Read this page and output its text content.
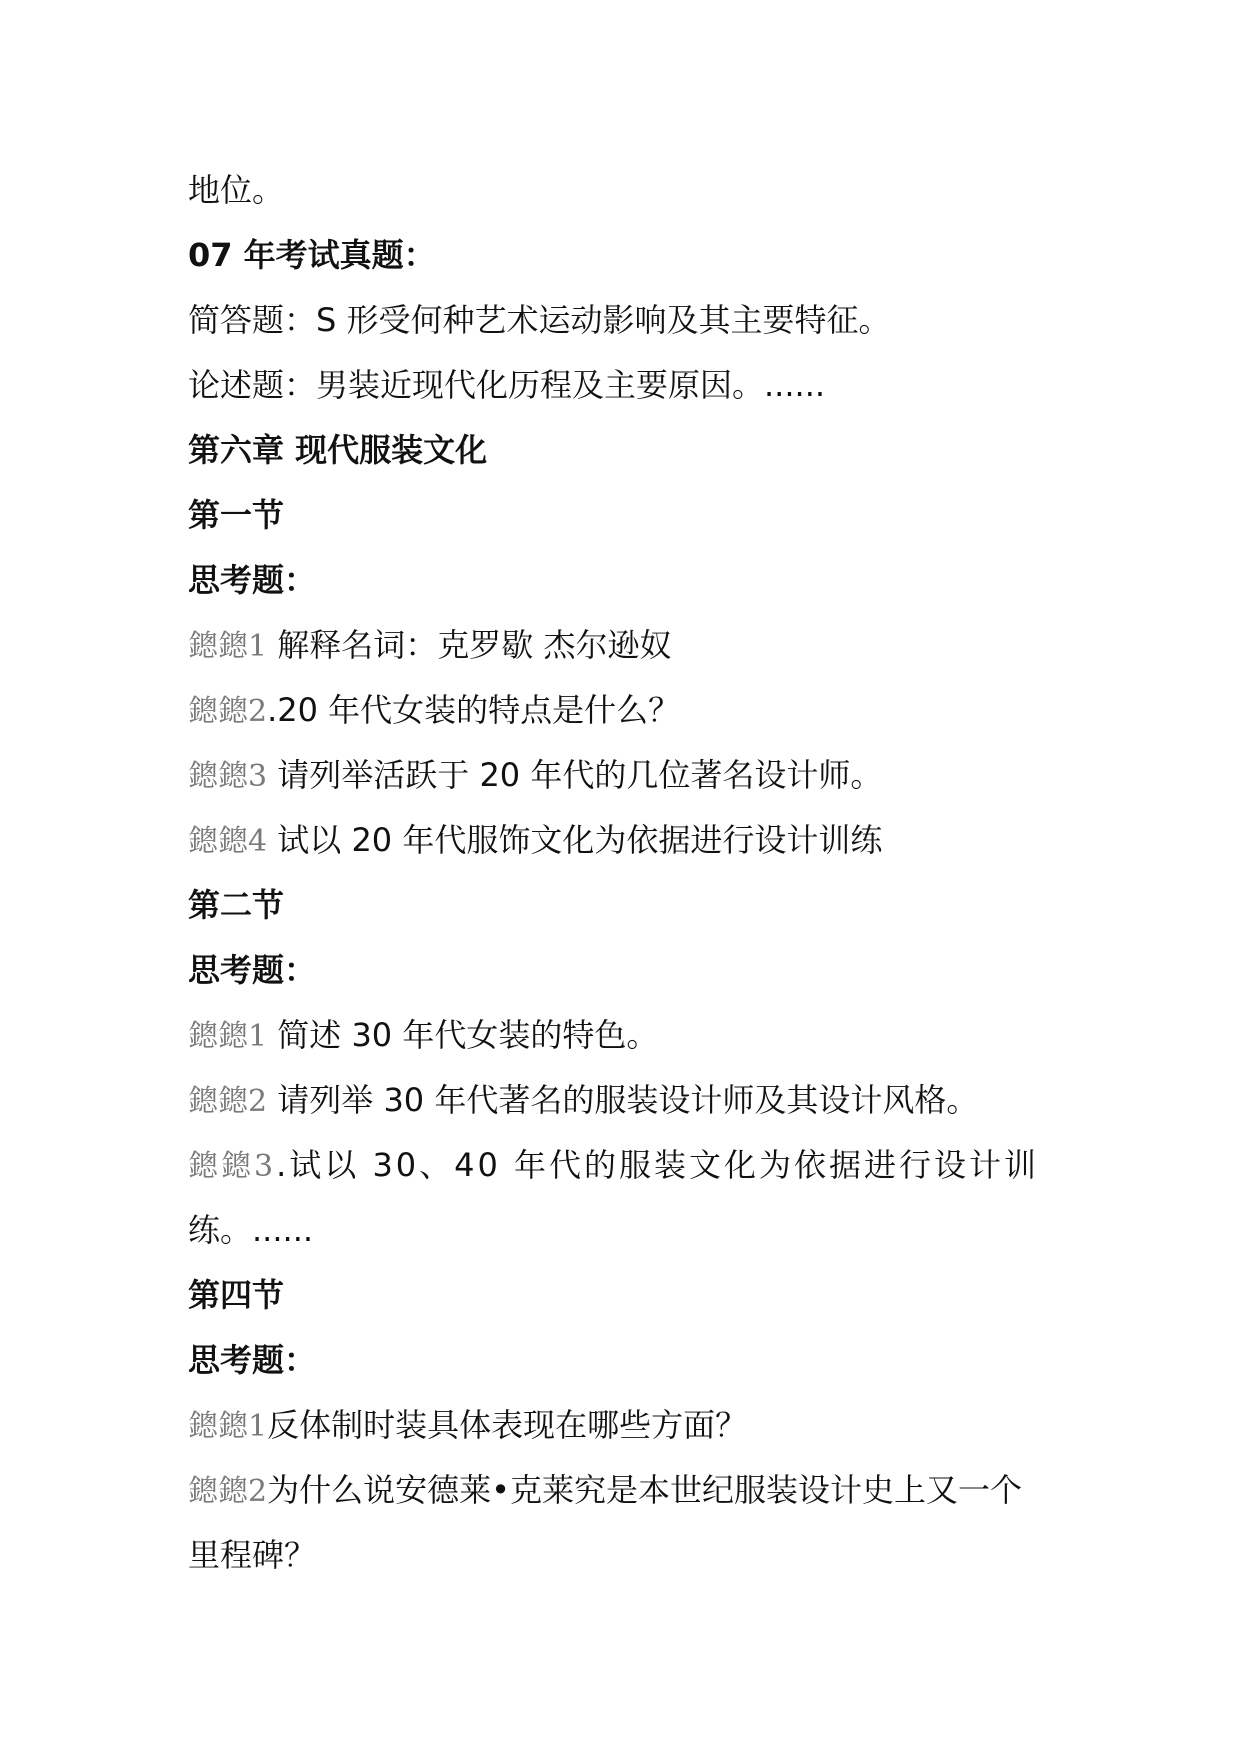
地位。
07 年考试真题：
简答题：S 形受何种艺术运动影响及其主要特征。
论述题：男装近现代化历程及主要原因。......
第六章 现代服装文化
第一节
思考题：
鏓鏓1 解释名词：克罗歇 杰尔逊奴
鏓鏓2.20 年代女装的特点是什么？
鏓鏓3 请列举活跃于 20 年代的几位著名设计师。
鏓鏓4 试以 20 年代服饰文化为依据进行设计训练
第二节
思考题：
鏓鏓1 简述 30 年代女装的特色。
鏓鏓2 请列举 30 年代著名的服装设计师及其设计风格。
鏓鏓3.试以 30、40 年代的服装文化为依据进行设计训
练。......
第四节
思考题：
鏓鏓1反体制时装具体表现在哪些方面？
鏓鏓2为什么说安德莱•克莱究是本世纪服装设计史上又一个
里程碑？
